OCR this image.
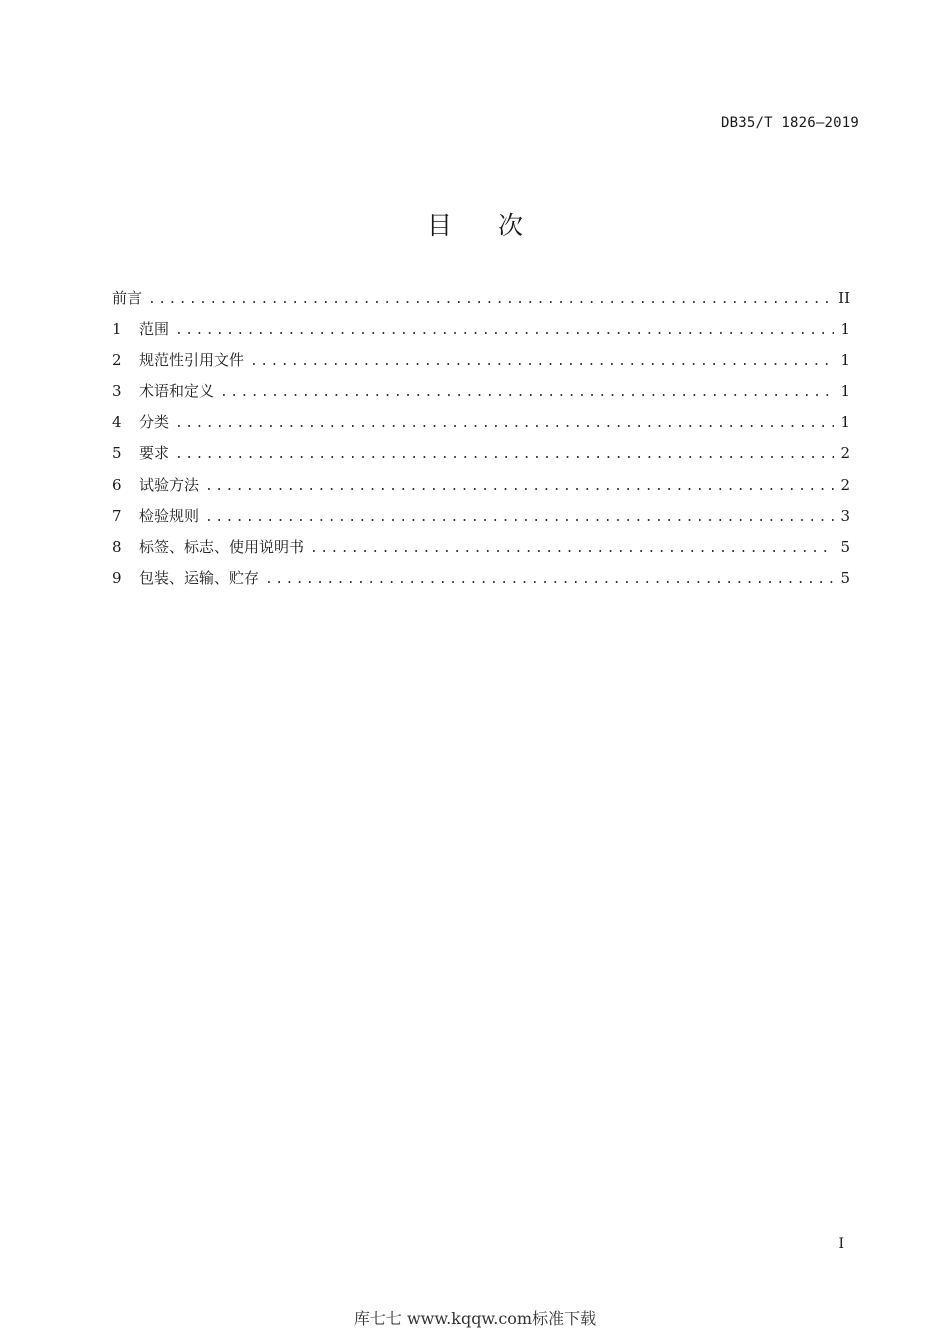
DB35/T 1826—2019
目次
前言 .....	II
1	范围 .....	1
2	规范性引用文件 .....	1
3	术语和定义 .....	1
4	分类 .....	1
5	要求 .....	2
6	试验方法 .....	2
7	检验规则 .....	3
8	标签、标志、使用说明书 .....	5
9	包装、运输、贮存 .....	5
I
库七七 www.kqqw.com标准下载
